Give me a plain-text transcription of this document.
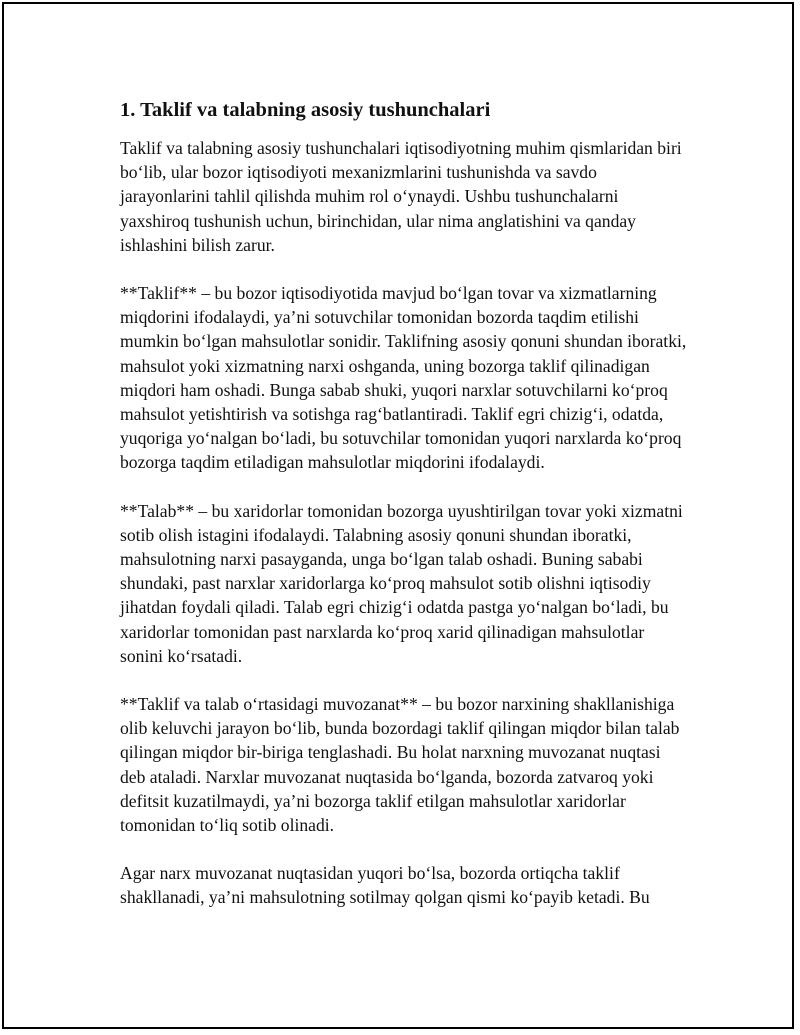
1. Taklif va talabning asosiy tushunchalari

Taklif va talabning asosiy tushunchalari iqtisodiyotning muhim qismlaridan biri bo‘lib, ular bozor iqtisodiyoti mexanizmlarini tushunishda va savdo jarayonlarini tahlil qilishda muhim rol o‘ynaydi. Ushbu tushunchalarni yaxshiroq tushunish uchun, birinchidan, ular nima anglatishini va qanday ishlashini bilish zarur.

**Taklif** – bu bozor iqtisodiyotida mavjud bo‘lgan tovar va xizmatlarning miqdorini ifodalaydi, ya’ni sotuvchilar tomonidan bozorda taqdim etilishi mumkin bo‘lgan mahsulotlar sonidir. Taklifning asosiy qonuni shundan iboratki, mahsulot yoki xizmatning narxi oshganda, uning bozorga taklif qilinadigan miqdori ham oshadi. Bunga sabab shuki, yuqori narxlar sotuvchilarni ko‘proq mahsulot yetishtirish va sotishga rag‘batlantiradi. Taklif egri chizig‘i, odatda, yuqoriga yo‘nalgan bo‘ladi, bu sotuvchilar tomonidan yuqori narxlarda ko‘proq bozorga taqdim etiladigan mahsulotlar miqdorini ifodalaydi.

**Talab** – bu xaridorlar tomonidan bozorga uyushtirilgan tovar yoki xizmatni sotib olish istagini ifodalaydi. Talabning asosiy qonuni shundan iboratki, mahsulotning narxi pasayganda, unga bo‘lgan talab oshadi. Buning sababi shundaki, past narxlar xaridorlarga ko‘proq mahsulot sotib olishni iqtisodiy jihatdan foydali qiladi. Talab egri chizig‘i odatda pastga yo‘nalgan bo‘ladi, bu xaridorlar tomonidan past narxlarda ko‘proq xarid qilinadigan mahsulotlar sonini ko‘rsatadi.

**Taklif va talab o‘rtasidagi muvozanat** – bu bozor narxining shakllanishiga olib keluvchi jarayon bo‘lib, bunda bozordagi taklif qilingan miqdor bilan talab qilingan miqdor bir-biriga tenglashadi. Bu holat narxning muvozanat nuqtasi deb ataladi. Narxlar muvozanat nuqtasida bo‘lganda, bozorda zatvaroq yoki defitsit kuzatilmaydi, ya’ni bozorga taklif etilgan mahsulotlar xaridorlar tomonidan to‘liq sotib olinadi.

Agar narx muvozanat nuqtasidan yuqori bo‘lsa, bozorda ortiqcha taklif shakllanadi, ya’ni mahsulotning sotilmay qolgan qismi ko‘payib ketadi. Bu
